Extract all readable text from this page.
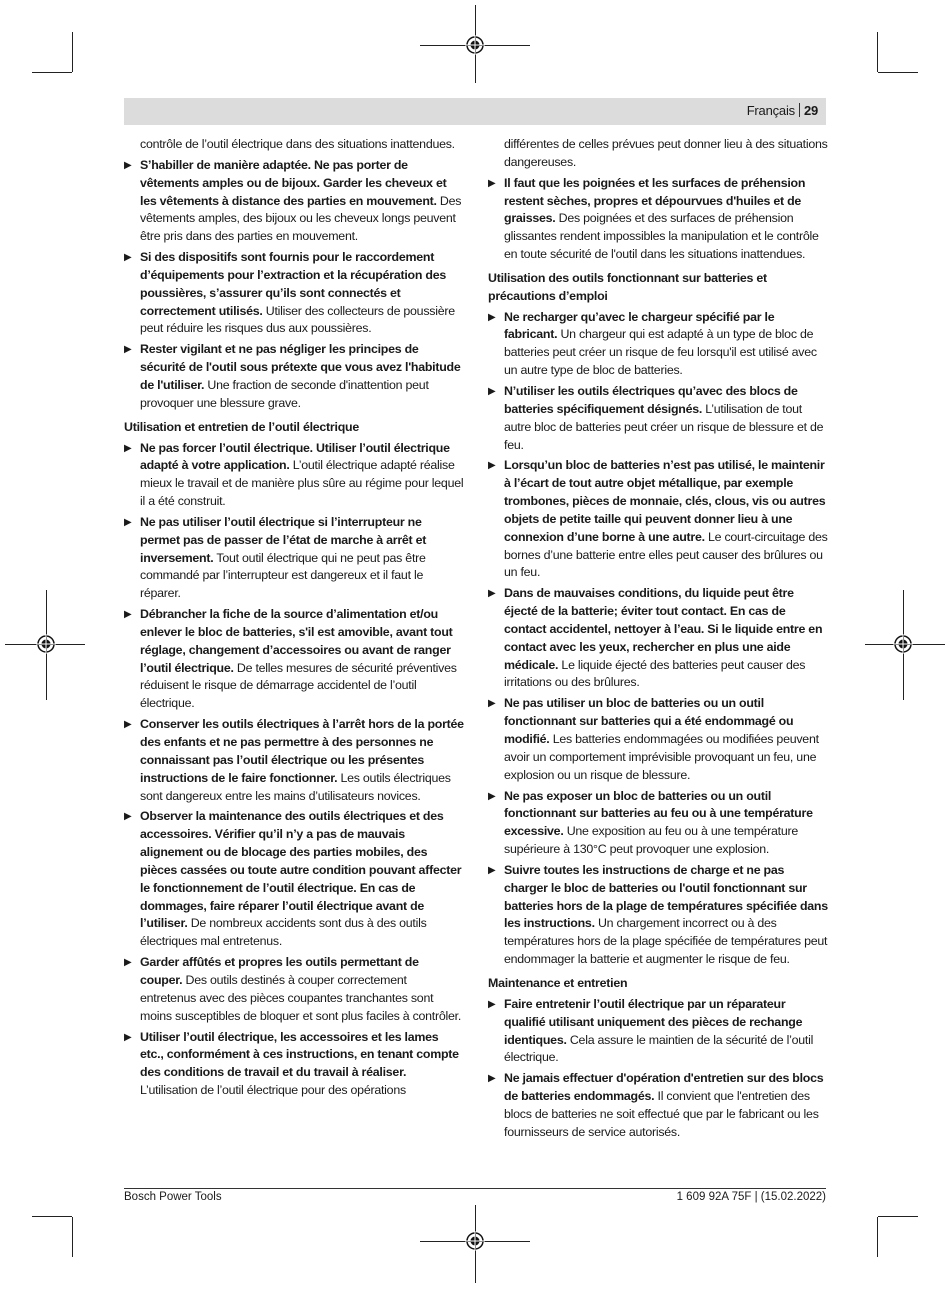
Français 29
contrôle de l’outil électrique dans des situations inattendues.
▶ S’habiller de manière adaptée. Ne pas porter de vêtements amples ou de bijoux. Garder les cheveux et les vêtements à distance des parties en mouvement. Des vêtements amples, des bijoux ou les cheveux longs peuvent être pris dans des parties en mouvement.
▶ Si des dispositifs sont fournis pour le raccordement d’équipements pour l’extraction et la récupération des poussières, s’assurer qu’ils sont connectés et correctement utilisés. Utiliser des collecteurs de poussière peut réduire les risques dus aux poussières.
▶ Rester vigilant et ne pas négliger les principes de sécurité de l'outil sous prétexte que vous avez l'habitude de l'utiliser. Une fraction de seconde d'inattention peut provoquer une blessure grave.
Utilisation et entretien de l’outil électrique
▶ Ne pas forcer l’outil électrique. Utiliser l’outil électrique adapté à votre application. L’outil électrique adapté réalise mieux le travail et de manière plus sûre au régime pour lequel il a été construit.
▶ Ne pas utiliser l’outil électrique si l’interrupteur ne permet pas de passer de l’état de marche à arrêt et inversement. Tout outil électrique qui ne peut pas être commandé par l’interrupteur est dangereux et il faut le réparer.
▶ Débrancher la fiche de la source d’alimentation et/ou enlever le bloc de batteries, s'il est amovible, avant tout réglage, changement d’accessoires ou avant de ranger l’outil électrique. De telles mesures de sécurité préventives réduisent le risque de démarrage accidentel de l’outil électrique.
▶ Conserver les outils électriques à l’arrêt hors de la portée des enfants et ne pas permettre à des personnes ne connaissant pas l’outil électrique ou les présentes instructions de le faire fonctionner. Les outils électriques sont dangereux entre les mains d’utilisateurs novices.
▶ Observer la maintenance des outils électriques et des accessoires. Vérifier qu’il n’y a pas de mauvais alignement ou de blocage des parties mobiles, des pièces cassées ou toute autre condition pouvant affecter le fonctionnement de l’outil électrique. En cas de dommages, faire réparer l’outil électrique avant de l’utiliser. De nombreux accidents sont dus à des outils électriques mal entretenus.
▶ Garder affûtés et propres les outils permettant de couper. Des outils destinés à couper correctement entretenus avec des pièces coupantes tranchantes sont moins susceptibles de bloquer et sont plus faciles à contrôler.
▶ Utiliser l’outil électrique, les accessoires et les lames etc., conformément à ces instructions, en tenant compte des conditions de travail et du travail à réaliser. L’utilisation de l’outil électrique pour des opérations
différentes de celles prévues peut donner lieu à des situations dangereuses.
▶ Il faut que les poignées et les surfaces de préhension restent sèches, propres et dépourvues d'huiles et de graisses. Des poignées et des surfaces de préhension glissantes rendent impossibles la manipulation et le contrôle en toute sécurité de l'outil dans les situations inattendues.
Utilisation des outils fonctionnant sur batteries et précautions d’emploi
▶ Ne recharger qu’avec le chargeur spécifié par le fabricant. Un chargeur qui est adapté à un type de bloc de batteries peut créer un risque de feu lorsqu'il est utilisé avec un autre type de bloc de batteries.
▶ N’utiliser les outils électriques qu’avec des blocs de batteries spécifiquement désignés. L’utilisation de tout autre bloc de batteries peut créer un risque de blessure et de feu.
▶ Lorsqu’un bloc de batteries n’est pas utilisé, le maintenir à l’écart de tout autre objet métallique, par exemple trombones, pièces de monnaie, clés, clous, vis ou autres objets de petite taille qui peuvent donner lieu à une connexion d’une borne à une autre. Le court-circuitage des bornes d’une batterie entre elles peut causer des brûlures ou un feu.
▶ Dans de mauvaises conditions, du liquide peut être éjecté de la batterie; éviter tout contact. En cas de contact accidentel, nettoyer à l’eau. Si le liquide entre en contact avec les yeux, rechercher en plus une aide médicale. Le liquide éjecté des batteries peut causer des irritations ou des brûlures.
▶ Ne pas utiliser un bloc de batteries ou un outil fonctionnant sur batteries qui a été endommagé ou modifié. Les batteries endommagées ou modifiées peuvent avoir un comportement imprévisible provoquant un feu, une explosion ou un risque de blessure.
▶ Ne pas exposer un bloc de batteries ou un outil fonctionnant sur batteries au feu ou à une température excessive. Une exposition au feu ou à une température supérieure à 130°C peut provoquer une explosion.
▶ Suivre toutes les instructions de charge et ne pas charger le bloc de batteries ou l'outil fonctionnant sur batteries hors de la plage de températures spécifiée dans les instructions. Un chargement incorrect ou à des températures hors de la plage spécifiée de températures peut endommager la batterie et augmenter le risque de feu.
Maintenance et entretien
▶ Faire entretenir l’outil électrique par un réparateur qualifié utilisant uniquement des pièces de rechange identiques. Cela assure le maintien de la sécurité de l’outil électrique.
▶ Ne jamais effectuer d'opération d'entretien sur des blocs de batteries endommagés. Il convient que l'entretien des blocs de batteries ne soit effectué que par le fabricant ou les fournisseurs de service autorisés.
Bosch Power Tools	1 609 92A 75F | (15.02.2022)
